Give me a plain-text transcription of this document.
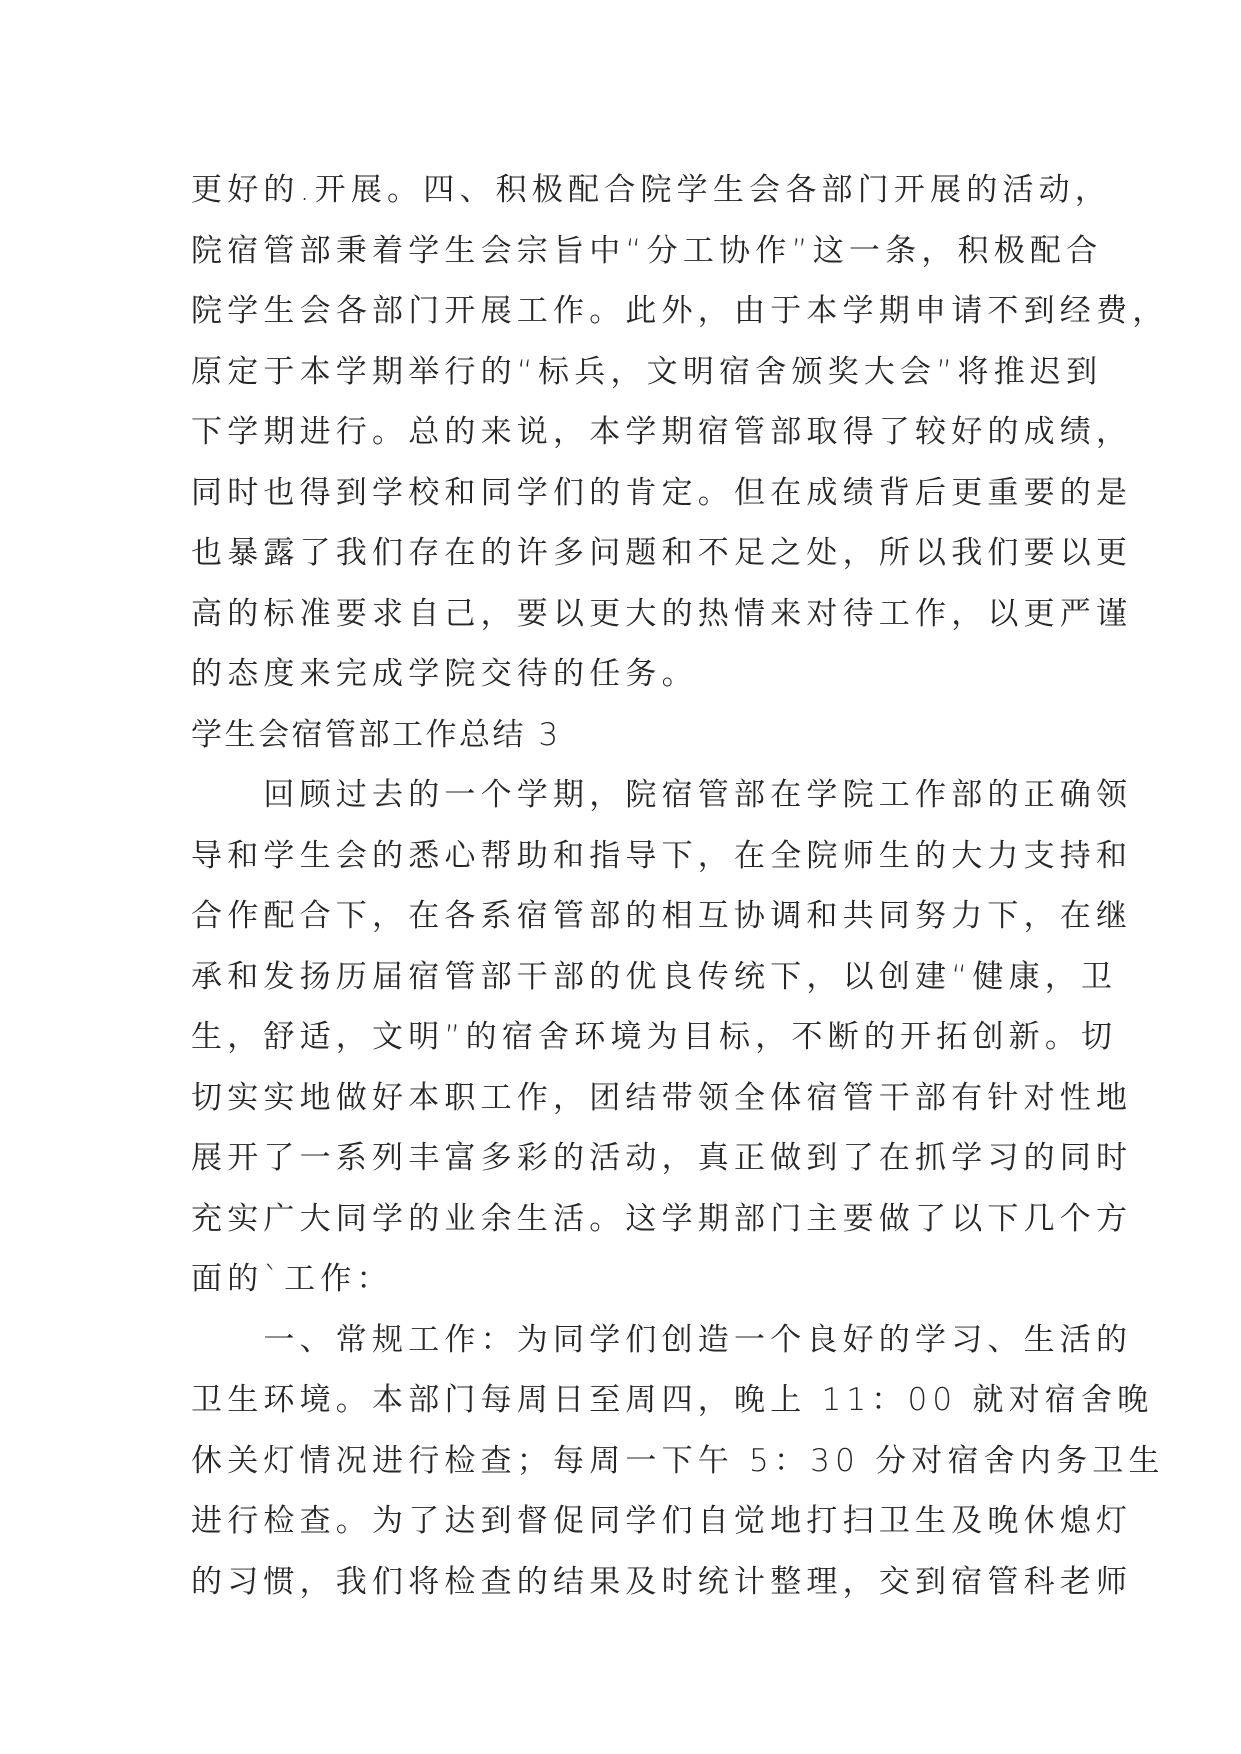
更好的.开展。四、积极配合院学生会各部门开展的活动，
院宿管部秉着学生会宗旨中“分工协作”这一条，积极配合
院学生会各部门开展工作。此外，由于本学期申请不到经费，
原定于本学期举行的“标兵，文明宿舍颁奖大会”将推迟到
下学期进行。总的来说，本学期宿管部取得了较好的成绩，
同时也得到学校和同学们的肯定。但在成绩背后更重要的是
也暴露了我们存在的许多问题和不足之处，所以我们要以更
高的标准要求自己，要以更大的热情来对待工作，以更严谨
的态度来完成学院交待的任务。
学生会宿管部工作总结 3
　　回顾过去的一个学期，院宿管部在学院工作部的正确领
导和学生会的悉心帮助和指导下，在全院师生的大力支持和
合作配合下，在各系宿管部的相互协调和共同努力下，在继
承和发扬历届宿管部干部的优良传统下，以创建“健康，卫
生，舒适，文明”的宿舍环境为目标，不断的开拓创新。切
切实实地做好本职工作，团结带领全体宿管干部有针对性地
展开了一系列丰富多彩的活动，真正做到了在抓学习的同时
充实广大同学的业余生活。这学期部门主要做了以下几个方
面的`工作：
　　一、常规工作：为同学们创造一个良好的学习、生活的
卫生环境。本部门每周日至周四，晚上 11：00 就对宿舍晚
休关灯情况进行检查；每周一下午 5：30 分对宿舍内务卫生
进行检查。为了达到督促同学们自觉地打扫卫生及晚休熄灯
的习惯，我们将检查的结果及时统计整理，交到宿管科老师
